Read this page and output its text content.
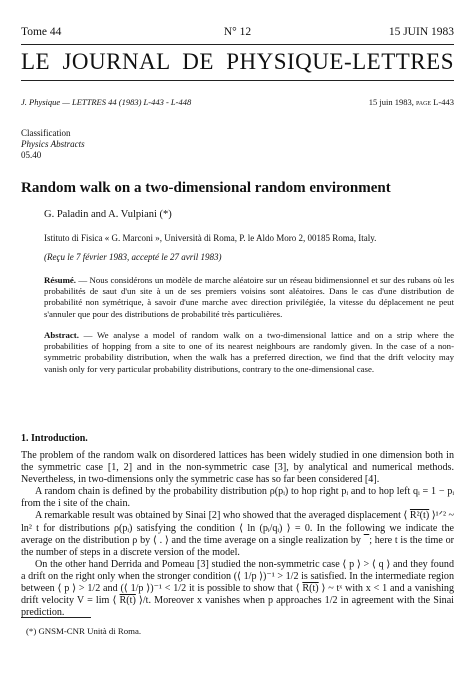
Tome 44	N° 12	15 JUIN 1983
LE JOURNAL DE PHYSIQUE-LETTRES
J. Physique — LETTRES 44 (1983) L-443 - L-448	15 juin 1983, page L-443
Classification
Physics Abstracts
05.40
Random walk on a two-dimensional random environment
G. Paladin and A. Vulpiani (*)
Istituto di Fisica « G. Marconi », Università di Roma, P. le Aldo Moro 2, 00185 Roma, Italy.
(Reçu le 7 février 1983, accepté le 27 avril 1983)
Résumé. — Nous considérons un modèle de marche aléatoire sur un réseau bidimensionnel et sur des rubans où les probabilités de saut d'un site à un de ses premiers voisins sont aléatoires. Dans le cas d'une distribution de probabilité non symétrique, à savoir d'une marche avec direction privilégiée, la vitesse du déplacement ne peut s'annuler que pour des distributions de probabilité très particulières.
Abstract. — We analyse a model of random walk on a two-dimensional lattice and on a strip where the probabilities of hopping from a site to one of its nearest neighbours are randomly given. In the case of a non-symmetric probability distribution, when the walk has a preferred direction, we find that the drift velocity may vanish only for very particular probability distributions, contrary to the one-dimensional case.
1. Introduction.

The problem of the random walk on disordered lattices has been widely studied in one dimension both in the symmetric case [1, 2] and in the non-symmetric case [3], by analytical and numerical methods. Nevertheless, in two-dimensions only the symmetric case has so far been considered [4].

A random chain is defined by the probability distribution ρ(pᵢ) to hop right pᵢ and to hop left qᵢ = 1 − pᵢ from the i site of the chain.

A remarkable result was obtained by Sinai [2] who showed that the averaged displacement ⟨ R²(t) ⟩¹ᐟ² ~ ln² t for distributions ρ(pᵢ) satisfying the condition ⟨ ln (pᵢ/qᵢ) ⟩ = 0. In the following we indicate the average on the distribution ρ by ⟨ . ⟩ and the time average on a single realization by   ; here t is the time or the number of steps in a discrete version of the model.

On the other hand Derrida and Pomeau [3] studied the non-symmetric case ⟨ p ⟩ > ⟨ q ⟩ and they found a drift on the right only when the stronger condition (⟨ 1/p ⟩)⁻¹ > 1/2 is satisfied. In the intermediate region between ⟨ p ⟩ > 1/2 and (⟨ 1/p ⟩)⁻¹ < 1/2 it is possible to show that ⟨ R(t) ⟩ ~ tˣ with x < 1 and a vanishing drift velocity V = lim ⟨ R(t) ⟩/t. Moreover x vanishes when p approaches 1/2 in agreement with the Sinai prediction.

(*) GNSM-CNR Unità di Roma.
